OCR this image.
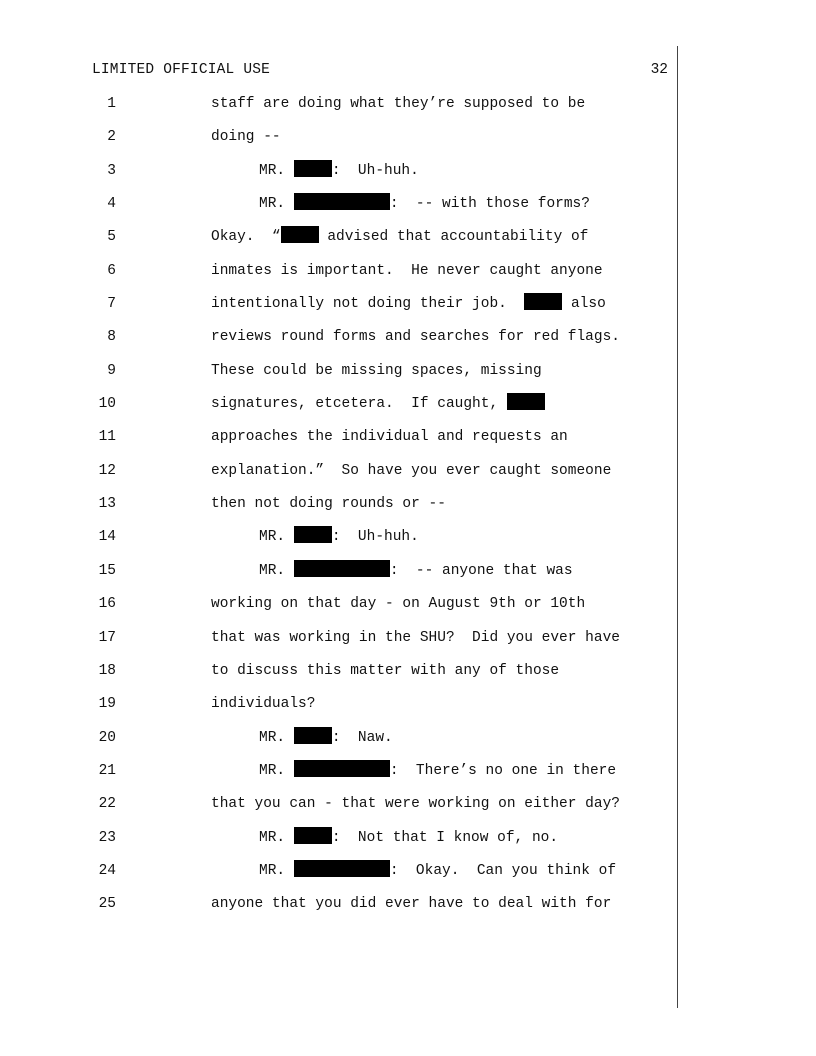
LIMITED OFFICIAL USE	32
1	staff are doing what they’re supposed to be
2	doing --
3	MR.	:  Uh-huh.
4	MR.	:  -- with those forms?
5	Okay.  “	advised that accountability of
6	inmates is important.  He never caught anyone
7	intentionally not doing their job.	also
8	reviews round forms and searches for red flags.
9	These could be missing spaces, missing
10	signatures, etcetera.  If caught,
11	approaches the individual and requests an
12	explanation.”  So have you ever caught someone
13	then not doing rounds or --
14	MR.	:  Uh-huh.
15	MR.	:  -- anyone that was
16	working on that day - on August 9th or 10th
17	that was working in the SHU?  Did you ever have
18	to discuss this matter with any of those
19	individuals?
20	MR.	:  Naw.
21	MR.	:  There’s no one in there
22	that you can - that were working on either day?
23	MR.	:  Not that I know of, no.
24	MR.	:  Okay.  Can you think of
25	anyone that you did ever have to deal with for
